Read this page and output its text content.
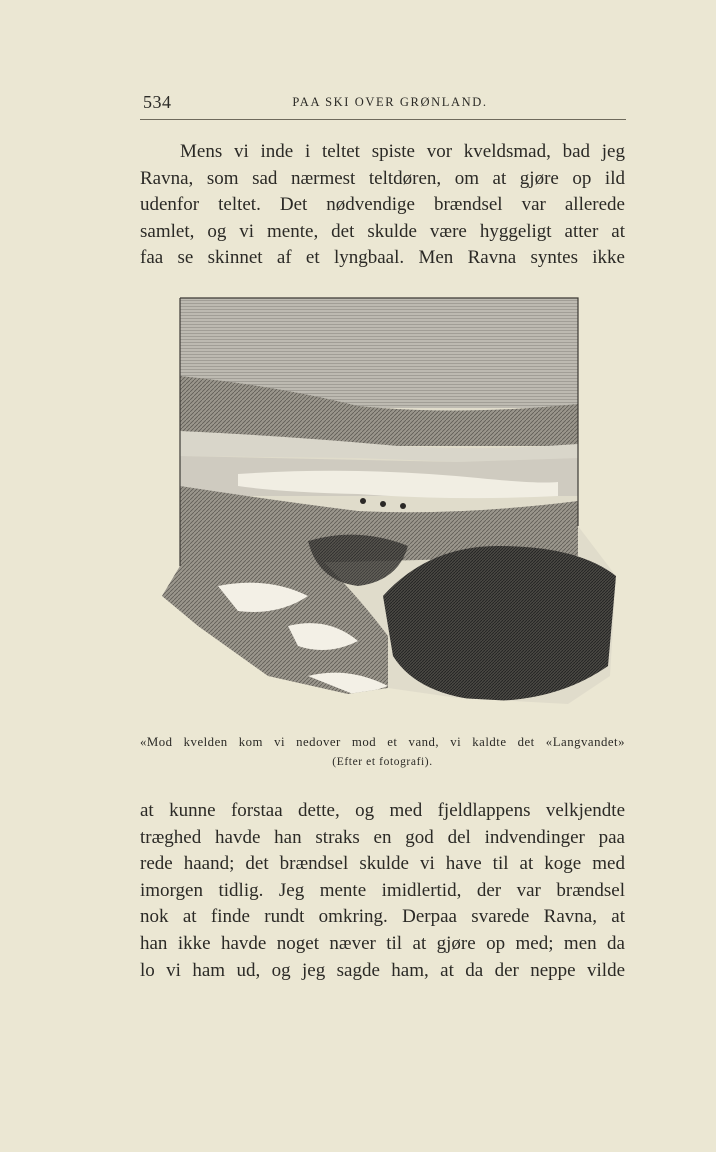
534	PAA SKI OVER GRØNLAND.
Mens vi inde i teltet spiste vor kveldsmad, bad jeg
Ravna, som sad nærmest teltdøren, om at gjøre op ild
udenfor teltet. Det nødvendige brændsel var allerede
samlet, og vi mente, det skulde være hyggeligt atter at
faa se skinnet af et lyngbaal. Men Ravna syntes ikke
«Mod kvelden kom vi nedover mod et vand, vi kaldte det «Langvandet»
(Efter et fotografi).
at kunne forstaa dette, og med fjeldlappens velkjendte
træghed havde han straks en god del indvendinger paa
rede haand; det brændsel skulde vi have til at koge med
imorgen tidlig. Jeg mente imidlertid, der var brændsel
nok at finde rundt omkring. Derpaa svarede Ravna, at
han ikke havde noget næver til at gjøre op med; men da
lo vi ham ud, og jeg sagde ham, at da der neppe vilde
